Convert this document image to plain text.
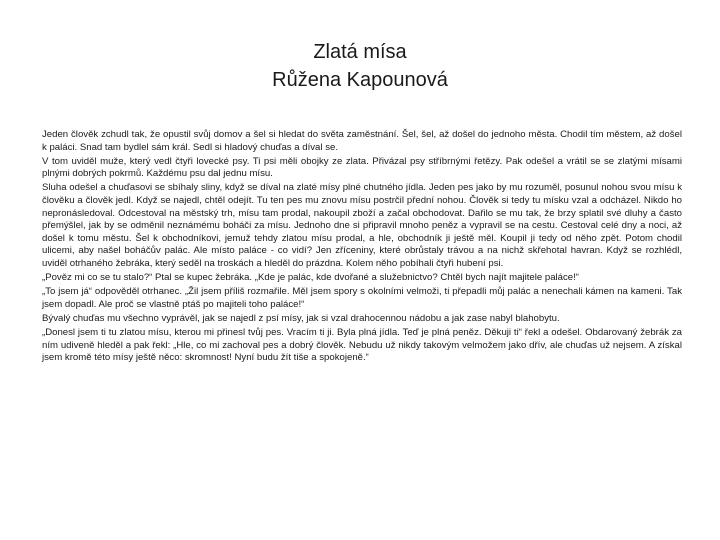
Zlatá mísa
Růžena Kapounová

Jeden člověk zchudl tak, že opustil svůj domov a šel si hledat do světa zaměstnání. Šel, šel, až došel do jednoho města. Chodil tím městem, až došel k paláci. Snad tam bydlel sám král. Sedl si hladový chuďas a díval se.

V tom uviděl muže, který vedl čtyři lovecké psy. Ti psi měli obojky ze zlata. Přivázal psy stříbrnými řetězy. Pak odešel a vrátil se se zlatými mísami plnými dobrých pokrmů. Každému psu dal jednu mísu.

Sluha odešel a chuďasovi se sbíhaly sliny, když se díval na zlaté mísy plné chutného jídla. Jeden pes jako by mu rozuměl, posunul nohou svou mísu k člověku a člověk jedl. Když se najedl, chtěl odejít. Tu ten pes mu znovu mísu postrčil přední nohou. Člověk si tedy tu mísku vzal a odcházel. Nikdo ho nepronásledoval. Odcestoval na městský trh, mísu tam prodal, nakoupil zboží a začal obchodovat. Dařilo se mu tak, že brzy splatil své dluhy a často přemýšlel, jak by se odměnil neznámému boháči za mísu. Jednoho dne si připravil mnoho peněz a vypravil se na cestu. Cestoval celé dny a noci, až došel k tomu městu. Šel k obchodníkovi, jemuž tehdy zlatou mísu prodal, a hle, obchodník ji ještě měl. Koupil ji tedy od něho zpět. Potom chodil ulicemi, aby našel boháčův palác. Ale místo paláce - co vidí? Jen zříceniny, které obrůstaly trávou a na nichž skřehotal havran. Když se rozhlédl, uviděl otrhaného žebráka, který seděl na troskách a hleděl do prázdna. Kolem něho pobíhali čtyři hubení psi.

„Pověz mi co se tu stalo?“ Ptal se kupec žebráka. „Kde je palác, kde dvořané a služebnictvo? Chtěl bych najít majitele paláce!“

„To jsem já“ odpověděl otrhanec. „Žil jsem příliš rozmařile. Měl jsem spory s okolními velmoži, ti přepadli můj palác a nenechali kámen na kameni. Tak jsem dopadl. Ale proč se vlastně ptáš po majiteli toho paláce!“

Bývalý chuďas mu všechno vyprávěl, jak se najedl z psí mísy, jak si vzal drahocennou nádobu a jak zase nabyl blahobytu.

„Donesl jsem ti tu zlatou mísu, kterou mi přinesl tvůj pes. Vracím ti ji. Byla plná jídla. Teď je plná peněz. Děkuji ti“ řekl a odešel. Obdarovaný žebrák za ním udiveně hleděl a pak řekl: „Hle, co mi zachoval pes a dobrý člověk. Nebudu už nikdy takovým velmožem jako dřív, ale chuďas už nejsem. A získal jsem kromě této mísy ještě něco: skromnost! Nyní budu žít tiše a spokojeně.“
